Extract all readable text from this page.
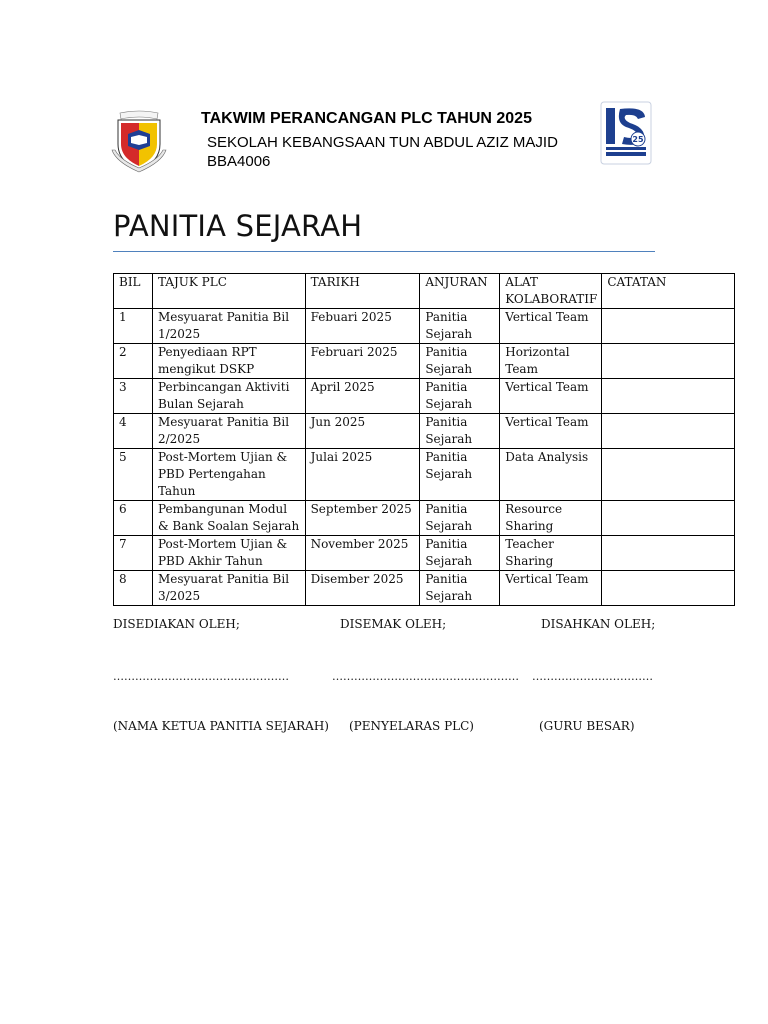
25
TAKWIM PERANCANGAN PLC TAHUN 2025
SEKOLAH KEBANGSAAN TUN ABDUL AZIZ MAJID
BBA4006
PANITIA SEJARAH
BIL	TAJUK PLC	TARIKH	ANJURAN	ALAT KOLABORATIF	CATATAN
1	Mesyuarat Panitia Bil 1/2025	Febuari 2025	Panitia Sejarah	Vertical Team	
2	Penyediaan RPT mengikut DSKP	Februari 2025	Panitia Sejarah	Horizontal Team	
3	Perbincangan Aktiviti Bulan Sejarah	April 2025	Panitia Sejarah	Vertical Team	
4	Mesyuarat Panitia Bil 2/2025	Jun 2025	Panitia Sejarah	Vertical Team	
5	Post-Mortem Ujian & PBD Pertengahan Tahun	Julai 2025	Panitia Sejarah	Data Analysis	
6	Pembangunan Modul & Bank Soalan Sejarah	September 2025	Panitia Sejarah	Resource Sharing	
7	Post-Mortem Ujian & PBD Akhir Tahun	November 2025	Panitia Sejarah	Teacher Sharing	
8	Mesyuarat Panitia Bil 3/2025	Disember 2025	Panitia Sejarah	Vertical Team	
DISEDIAKAN OLEH;	DISEMAK OLEH;	DISAHKAN OLEH;
…………………………………………	…………………………………………… ……………………………
(NAMA KETUA PANITIA SEJARAH) (PENYELARAS PLC)	(GURU BESAR)
